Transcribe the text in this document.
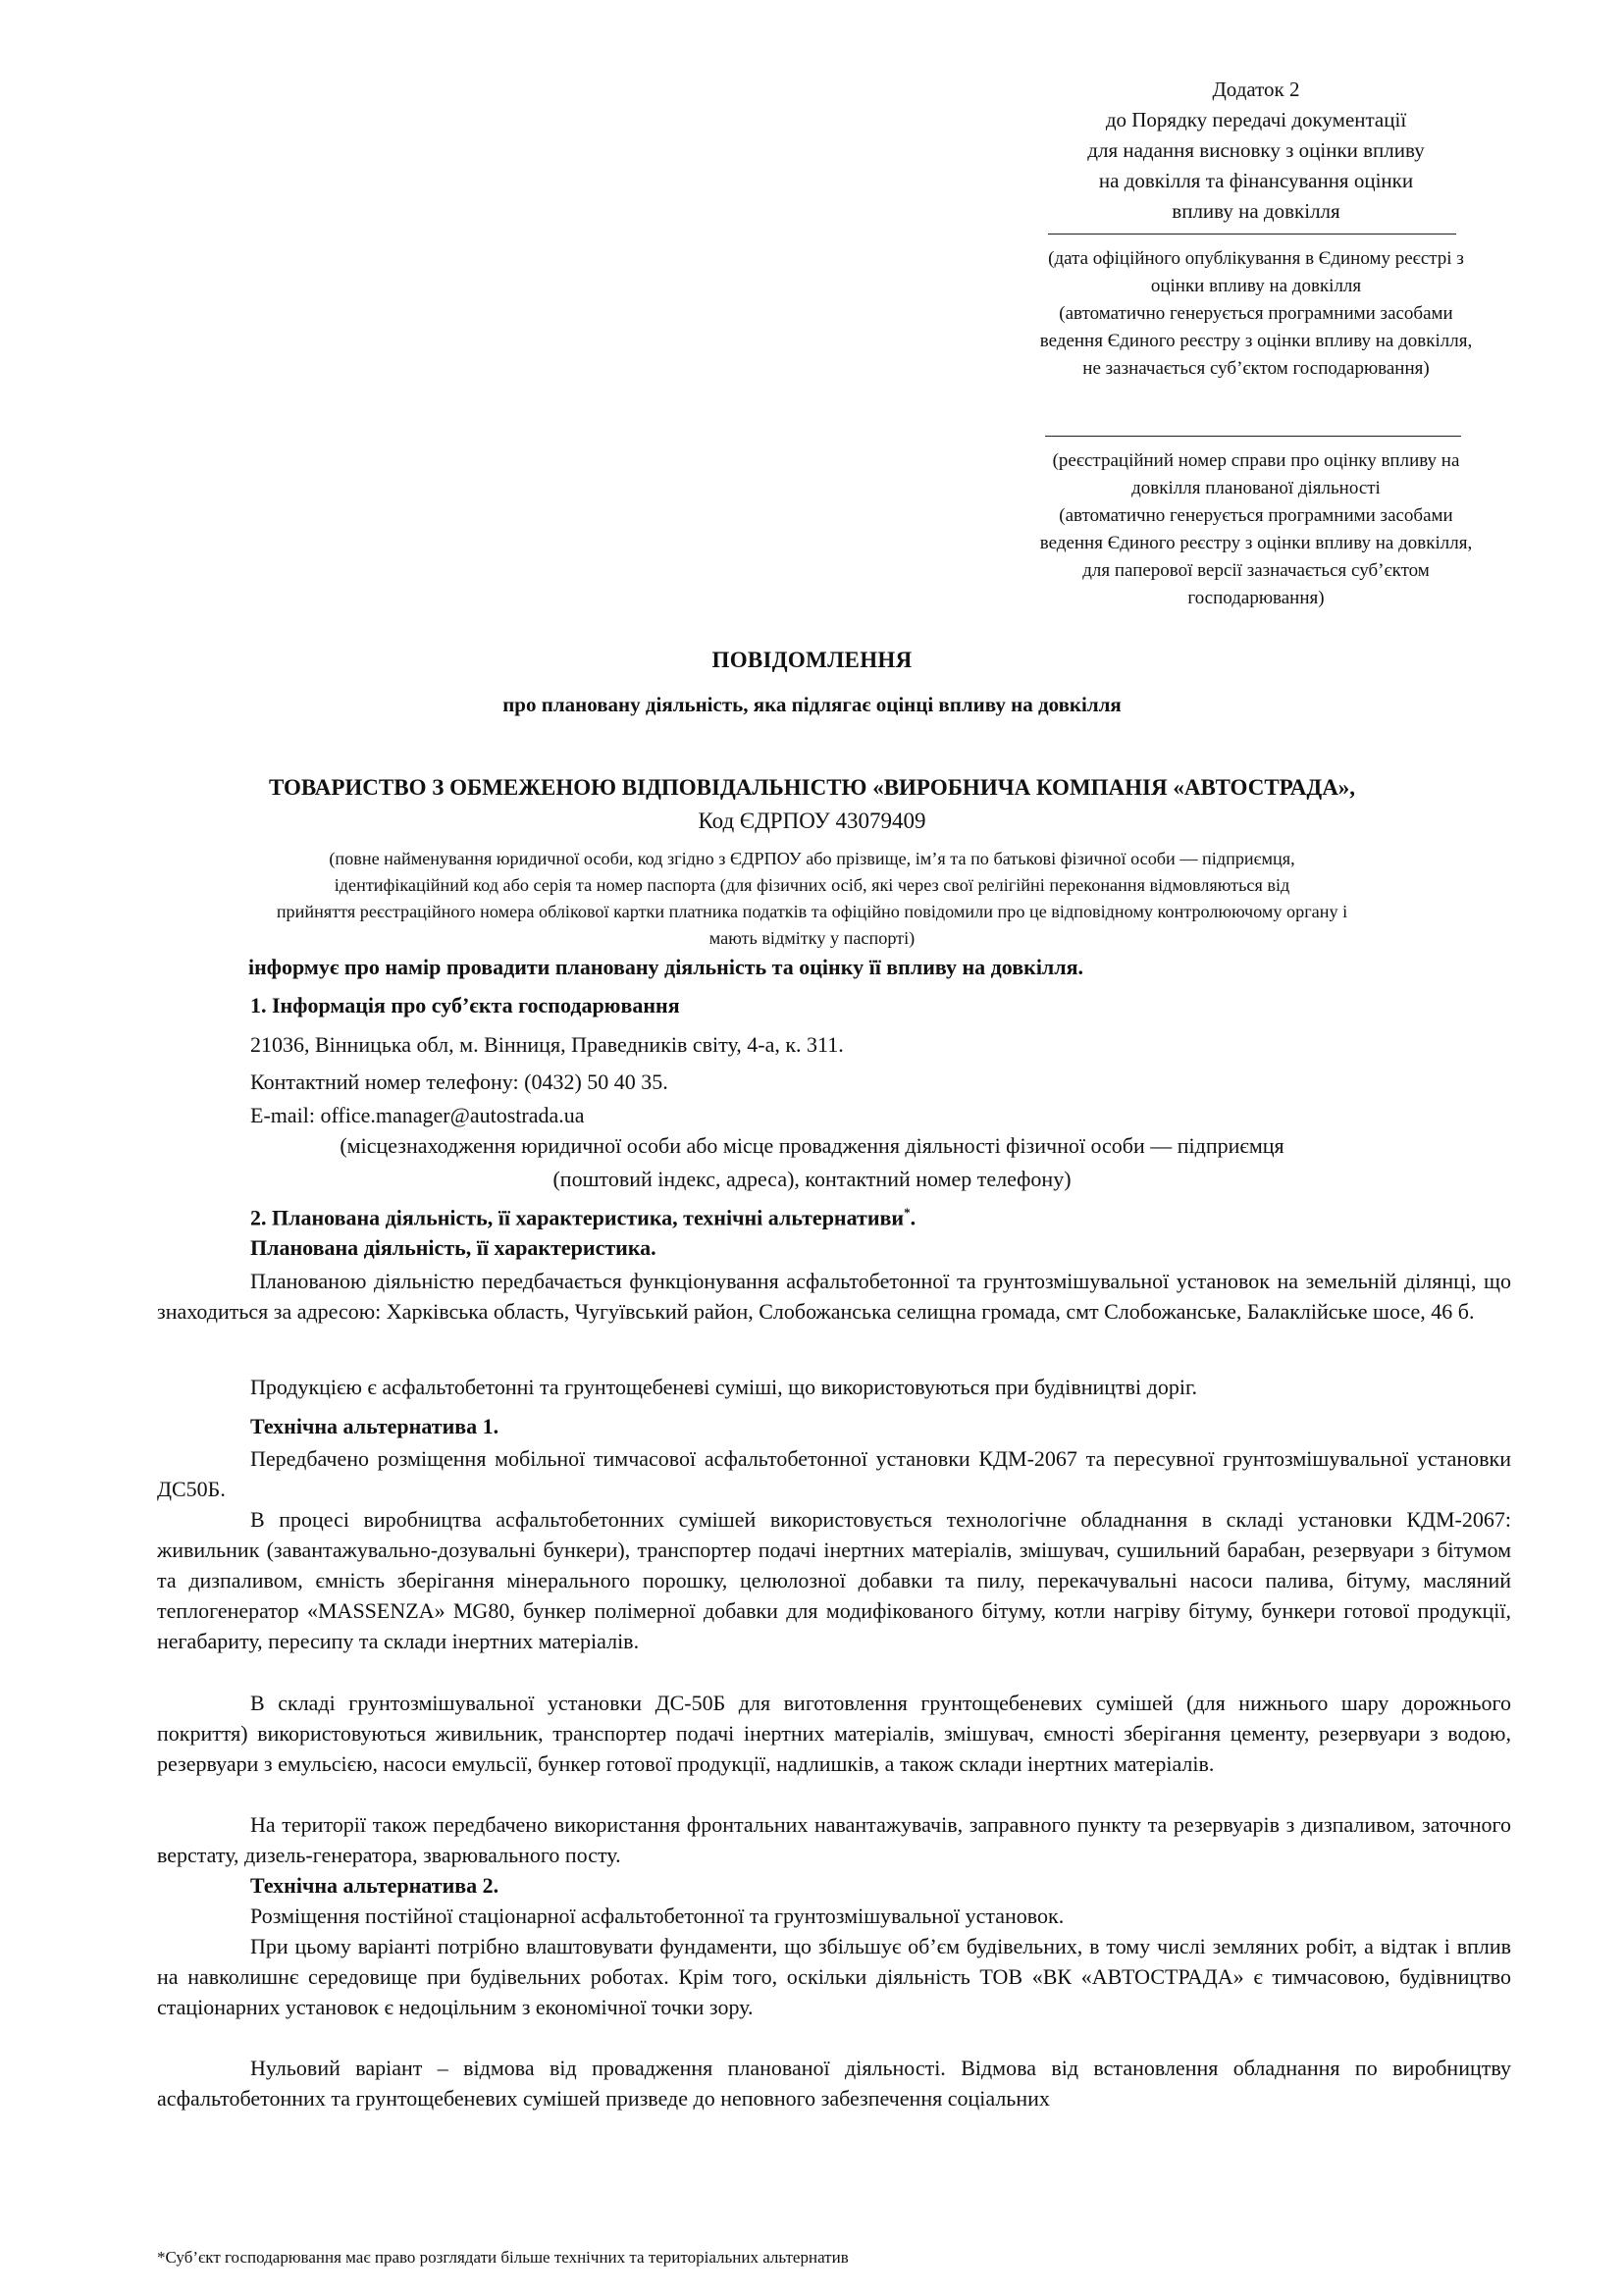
Додаток 2
до Порядку передачі документації
для надання висновку з оцінки впливу
на довкілля та фінансування оцінки
впливу на довкілля
(дата офіційного опублікування в Єдиному реєстрі з
оцінки впливу на довкілля
(автоматично генерується програмними засобами
ведення Єдиного реєстру з оцінки впливу на довкілля,
не зазначається суб’єктом господарювання)
(реєстраційний номер справи про оцінку впливу на
довкілля планованої діяльності
(автоматично генерується програмними засобами
ведення Єдиного реєстру з оцінки впливу на довкілля,
для паперової версії зазначається суб’єктом
господарювання)
ПОВІДОМЛЕННЯ
про плановану діяльність, яка підлягає оцінці впливу на довкілля
ТОВАРИСТВО З ОБМЕЖЕНОЮ ВІДПОВІДАЛЬНІСТЮ «ВИРОБНИЧА КОМПАНІЯ «АВТОСТРАДА»,
Код ЄДРПОУ 43079409
(повне найменування юридичної особи, код згідно з ЄДРПОУ або прізвище, ім’я та по батькові фізичної особи — підприємця,
ідентифікаційний код або серія та номер паспорта (для фізичних осіб, які через свої релігійні переконання відмовляються від
прийняття реєстраційного номера облікової картки платника податків та офіційно повідомили про це відповідному контролюючому органу і
мають відмітку у паспорті)
інформує про намір провадити плановану діяльність та оцінку її впливу на довкілля.
1. Інформація про суб’єкта господарювання
21036, Вінницька обл, м. Вінниця, Праведників світу, 4-а, к. 311.
Контактний номер телефону: (0432) 50 40 35.
E-mail: office.manager@autostrada.ua
(місцезнаходження юридичної особи або місце провадження діяльності фізичної особи — підприємця
(поштовий індекс, адреса), контактний номер телефону)
2. Планована діяльність, її характеристика, технічні альтернативи*.
Планована діяльність, її характеристика.
Планованою діяльністю передбачається функціонування асфальтобетонної та грунтозмішувальної установок на земельній ділянці, що знаходиться за адресою: Харківська область, Чугуївський район, Слобожанська селищна громада, смт Слобожанське, Балаклійське шосе, 46 б.
Продукцією є асфальтобетонні та грунтощебеневі суміші, що використовуються при будівництві доріг.
Технічна альтернатива 1.
Передбачено розміщення мобільної тимчасової асфальтобетонної установки КДМ-2067 та пересувної грунтозмішувальної установки ДС50Б.
В процесі виробництва асфальтобетонних сумішей використовується технологічне обладнання в складі установки КДМ-2067: живильник (завантажувально-дозувальні бункери), транспортер подачі інертних матеріалів, змішувач, сушильний барабан, резервуари з бітумом та дизпаливом, ємність зберігання мінерального порошку, целюлозної добавки та пилу, перекачувальні насоси палива, бітуму, масляний теплогенератор «MASSENZA» MG80, бункер полімерної добавки для модифікованого бітуму, котли нагріву бітуму, бункери готової продукції, негабариту, пересипу та склади інертних матеріалів.
В складі грунтозмішувальної установки ДС-50Б для виготовлення грунтощебеневих сумішей (для нижнього шару дорожнього покриття) використовуються живильник, транспортер подачі інертних матеріалів, змішувач, ємності зберігання цементу, резервуари з водою, резервуари з емульсією, насоси емульсії, бункер готової продукції, надлишків, а також склади інертних матеріалів.
На території також передбачено використання фронтальних навантажувачів, заправного пункту та резервуарів з дизпаливом, заточного верстату, дизель-генератора, зварювального посту.
Технічна альтернатива 2.
Розміщення постійної стаціонарної асфальтобетонної та грунтозмішувальної установок.
При цьому варіанті потрібно влаштовувати фундаменти, що збільшує об’єм будівельних, в тому числі земляних робіт, а відтак і вплив на навколишнє середовище при будівельних роботах. Крім того, оскільки діяльність ТОВ «ВК «АВТОСТРАДА» є тимчасовою, будівництво стаціонарних установок є недоцільним з економічної точки зору.
Нульовий варіант – відмова від провадження планованої діяльності. Відмова від встановлення обладнання по виробництву асфальтобетонних та грунтощебеневих сумішей призведе до неповного забезпечення соціальних
*Суб’єкт господарювання має право розглядати більше технічних та територіальних альтернатив
